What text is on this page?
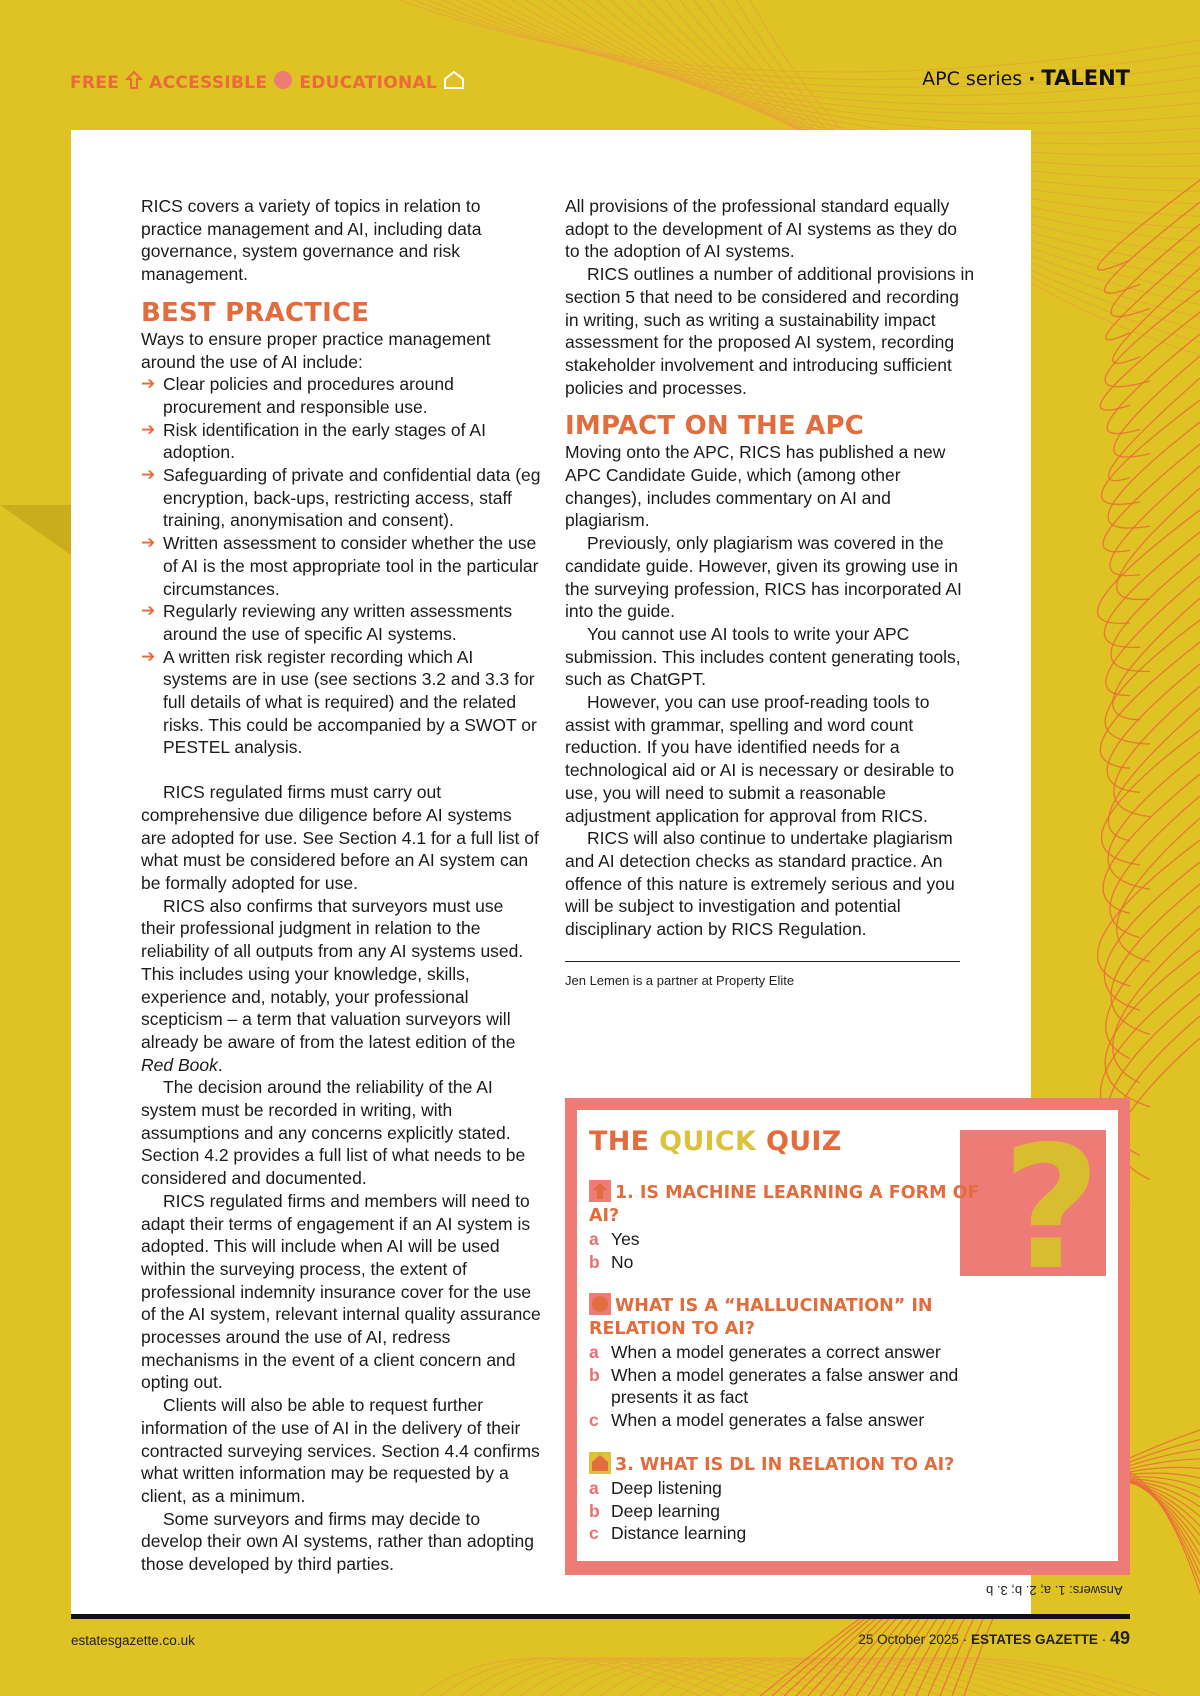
FREE ACCESSIBLE EDUCATIONAL	APC series · TALENT

RICS covers a variety of topics in relation to practice management and AI, including data governance, system governance and risk management.

BEST PRACTICE

Ways to ensure proper practice management around the use of AI include:

➔ Clear policies and procedures around procurement and responsible use.
➔ Risk identification in the early stages of AI adoption.
➔ Safeguarding of private and confidential data (eg encryption, back-ups, restricting access, staff training, anonymisation and consent).
➔ Written assessment to consider whether the use of AI is the most appropriate tool in the particular circumstances.
➔ Regularly reviewing any written assessments around the use of specific AI systems.
➔ A written risk register recording which AI systems are in use (see sections 3.2 and 3.3 for full details of what is required) and the related risks. This could be accompanied by a SWOT or PESTEL analysis.

RICS regulated firms must carry out comprehensive due diligence before AI systems are adopted for use. See Section 4.1 for a full list of what must be considered before an AI system can be formally adopted for use.

RICS also confirms that surveyors must use their professional judgment in relation to the reliability of all outputs from any AI systems used. This includes using your knowledge, skills, experience and, notably, your professional scepticism – a term that valuation surveyors will already be aware of from the latest edition of the Red Book.

The decision around the reliability of the AI system must be recorded in writing, with assumptions and any concerns explicitly stated. Section 4.2 provides a full list of what needs to be considered and documented.

RICS regulated firms and members will need to adapt their terms of engagement if an AI system is adopted. This will include when AI will be used within the surveying process, the extent of professional indemnity insurance cover for the use of the AI system, relevant internal quality assurance processes around the use of AI, redress mechanisms in the event of a client concern and opting out.

Clients will also be able to request further information of the use of AI in the delivery of their contracted surveying services. Section 4.4 confirms what written information may be requested by a client, as a minimum.

Some surveyors and firms may decide to develop their own AI systems, rather than adopting those developed by third parties.

All provisions of the professional standard equally adopt to the development of AI systems as they do to the adoption of AI systems.

RICS outlines a number of additional provisions in section 5 that need to be considered and recording in writing, such as writing a sustainability impact assessment for the proposed AI system, recording stakeholder involvement and introducing sufficient policies and processes.

IMPACT ON THE APC

Moving onto the APC, RICS has published a new APC Candidate Guide, which (among other changes), includes commentary on AI and plagiarism.

Previously, only plagiarism was covered in the candidate guide. However, given its growing use in the surveying profession, RICS has incorporated AI into the guide.

You cannot use AI tools to write your APC submission. This includes content generating tools, such as ChatGPT.

However, you can use proof-reading tools to assist with grammar, spelling and word count reduction. If you have identified needs for a technological aid or AI is necessary or desirable to use, you will need to submit a reasonable adjustment application for approval from RICS.

RICS will also continue to undertake plagiarism and AI detection checks as standard practice. An offence of this nature is extremely serious and you will be subject to investigation and potential disciplinary action by RICS Regulation.

Jen Lemen is a partner at Property Elite
THE QUICK QUIZ ?
1. IS MACHINE LEARNING A FORM OF AI?
a Yes
b No
WHAT IS A “HALLUCINATION” IN RELATION TO AI?
a When a model generates a correct answer
b When a model generates a false answer and presents it as fact
c When a model generates a false answer
3. WHAT IS DL IN RELATION TO AI?
a Deep listening
b Deep learning
c Distance learning
Answers: 1. a; 2. b; 3. b
estatesgazette.co.uk	25 October 2025 · ESTATES GAZETTE · 49
